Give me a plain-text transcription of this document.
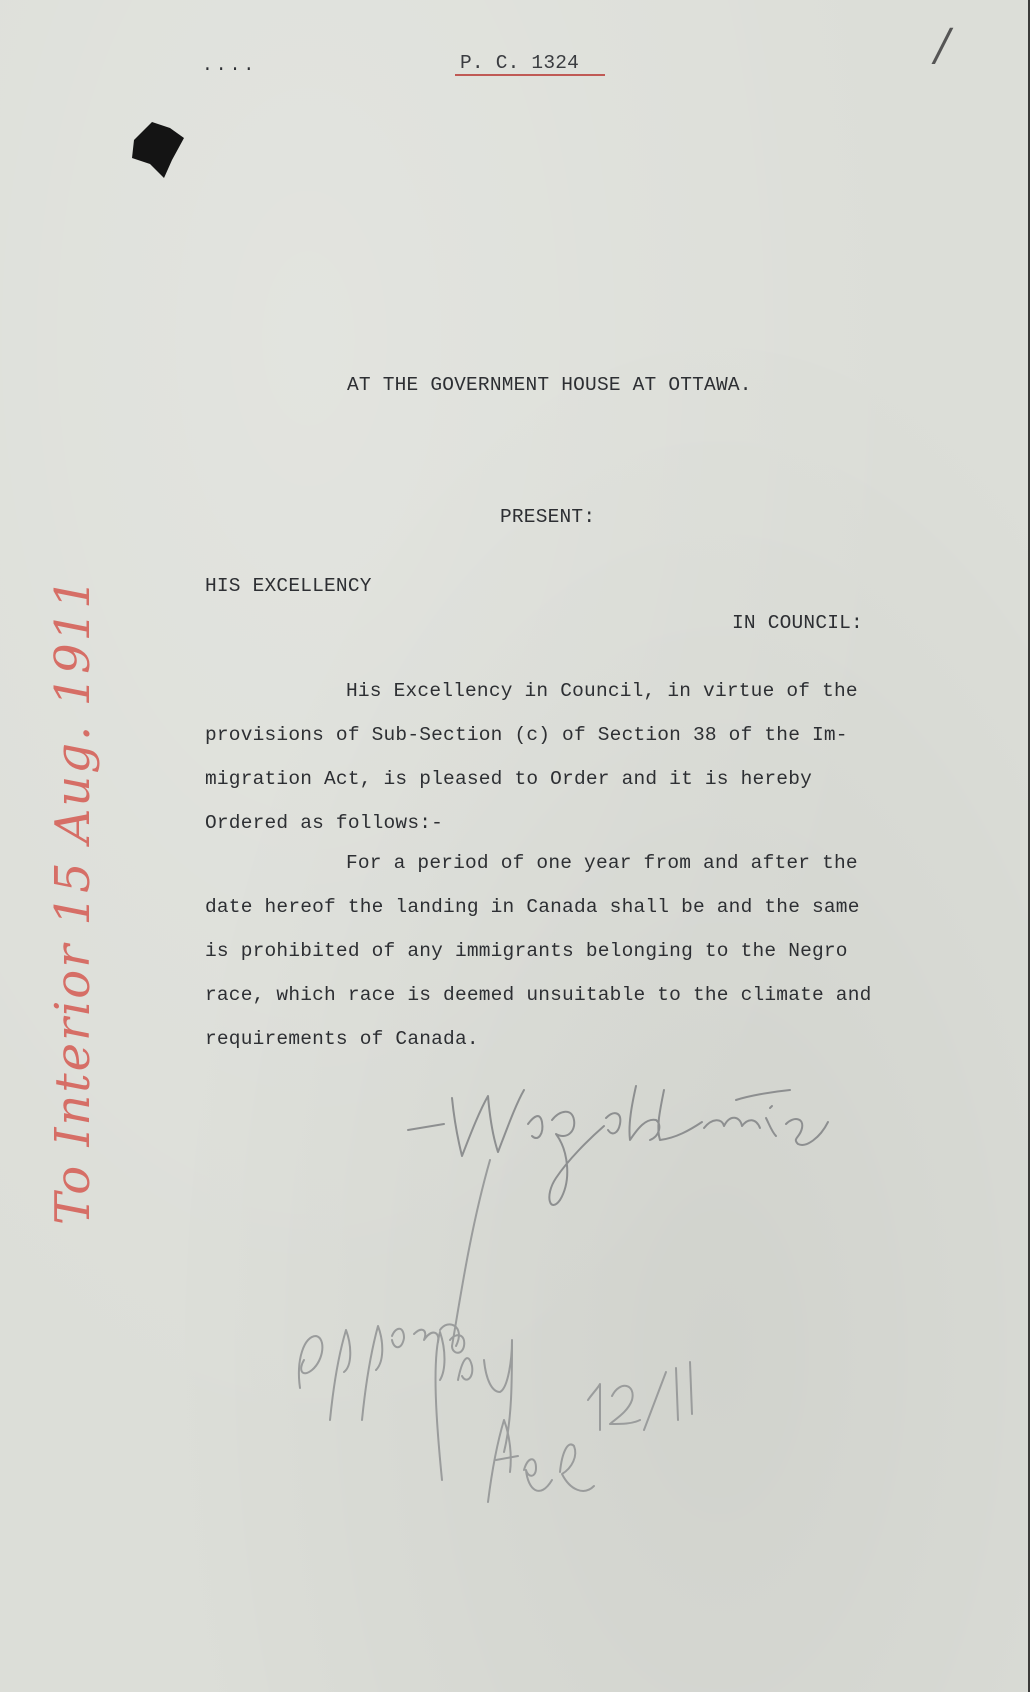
....	P. C. 1324	/
AT THE GOVERNMENT HOUSE AT OTTAWA.
PRESENT:
HIS EXCELLENCY
IN COUNCIL:
His Excellency in Council, in virtue of the
provisions of Sub-Section (c) of Section 38 of the Im-
migration Act, is pleased to Order and it is hereby
Ordered as follows:-
For a period of one year from and after the
date hereof the landing in Canada shall be and the same
is prohibited of any immigrants belonging to the Negro
race, which race is deemed unsuitable to the climate and
requirements of Canada.
To Interior 15 Aug. 1911
